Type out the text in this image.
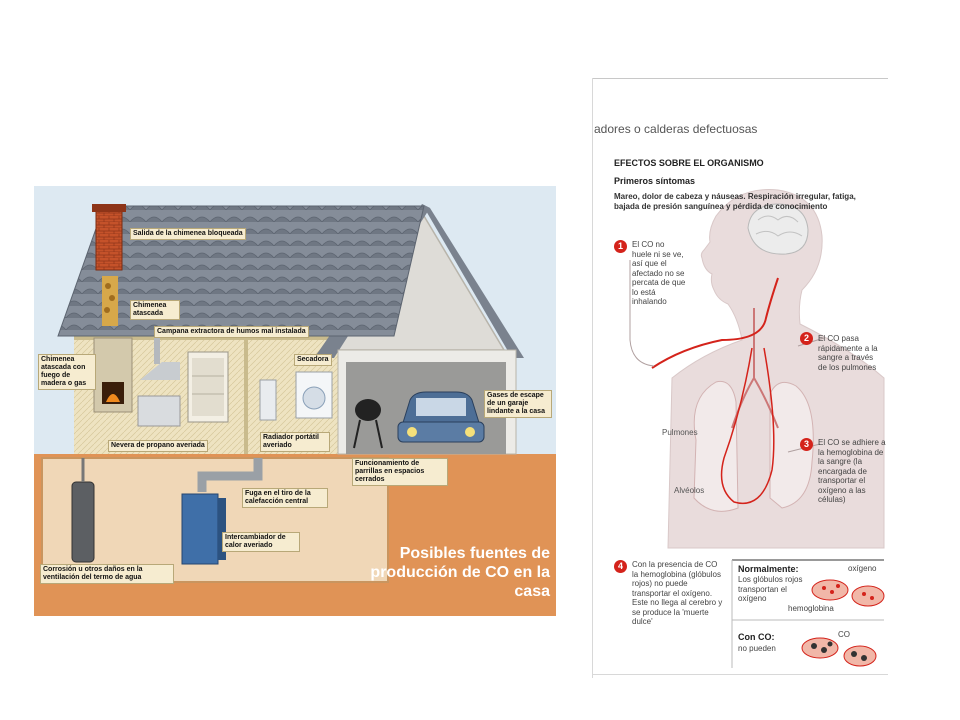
Salida de la chimenea bloqueada
Chimenea atascada
Campana extractora de humos mal instalada
Chimenea atascada con fuego de madera o gas
Secadora
Gases de escape de un garaje lindante a la casa
Nevera de propano averiada
Radiador portátil averiado
Funcionamiento de parrillas en espacios cerrados
Fuga en el tiro de la calefacción central
Intercambiador de calor averiado
Corrosión u otros daños en la ventilación del termo de agua
Posibles fuentes de producción de CO en la casa
adores o calderas defectuosas
EFECTOS SOBRE EL ORGANISMO
Primeros síntomas
Mareo, dolor de cabeza y náuseas. Respiración irregular, fatiga, bajada de presión sanguínea y pérdida de conocimiento
1	El CO no huele ni se ve, así que el afectado no se percata de que lo está inhalando
2	El CO pasa rápidamente a la sangre a través de los pulmones
3	El CO se adhiere a la hemoglobina de la sangre (la encargada de transportar el oxígeno a las células)
Pulmones
Alvéolos
4	Con la presencia de CO la hemoglobina (glóbulos rojos) no puede transportar el oxígeno. Este no llega al cerebro y se produce la 'muerte dulce'
Normalmente:
Los glóbulos rojos transportan el oxígeno
oxígeno
hemoglobina
Con CO:
no pueden
CO
